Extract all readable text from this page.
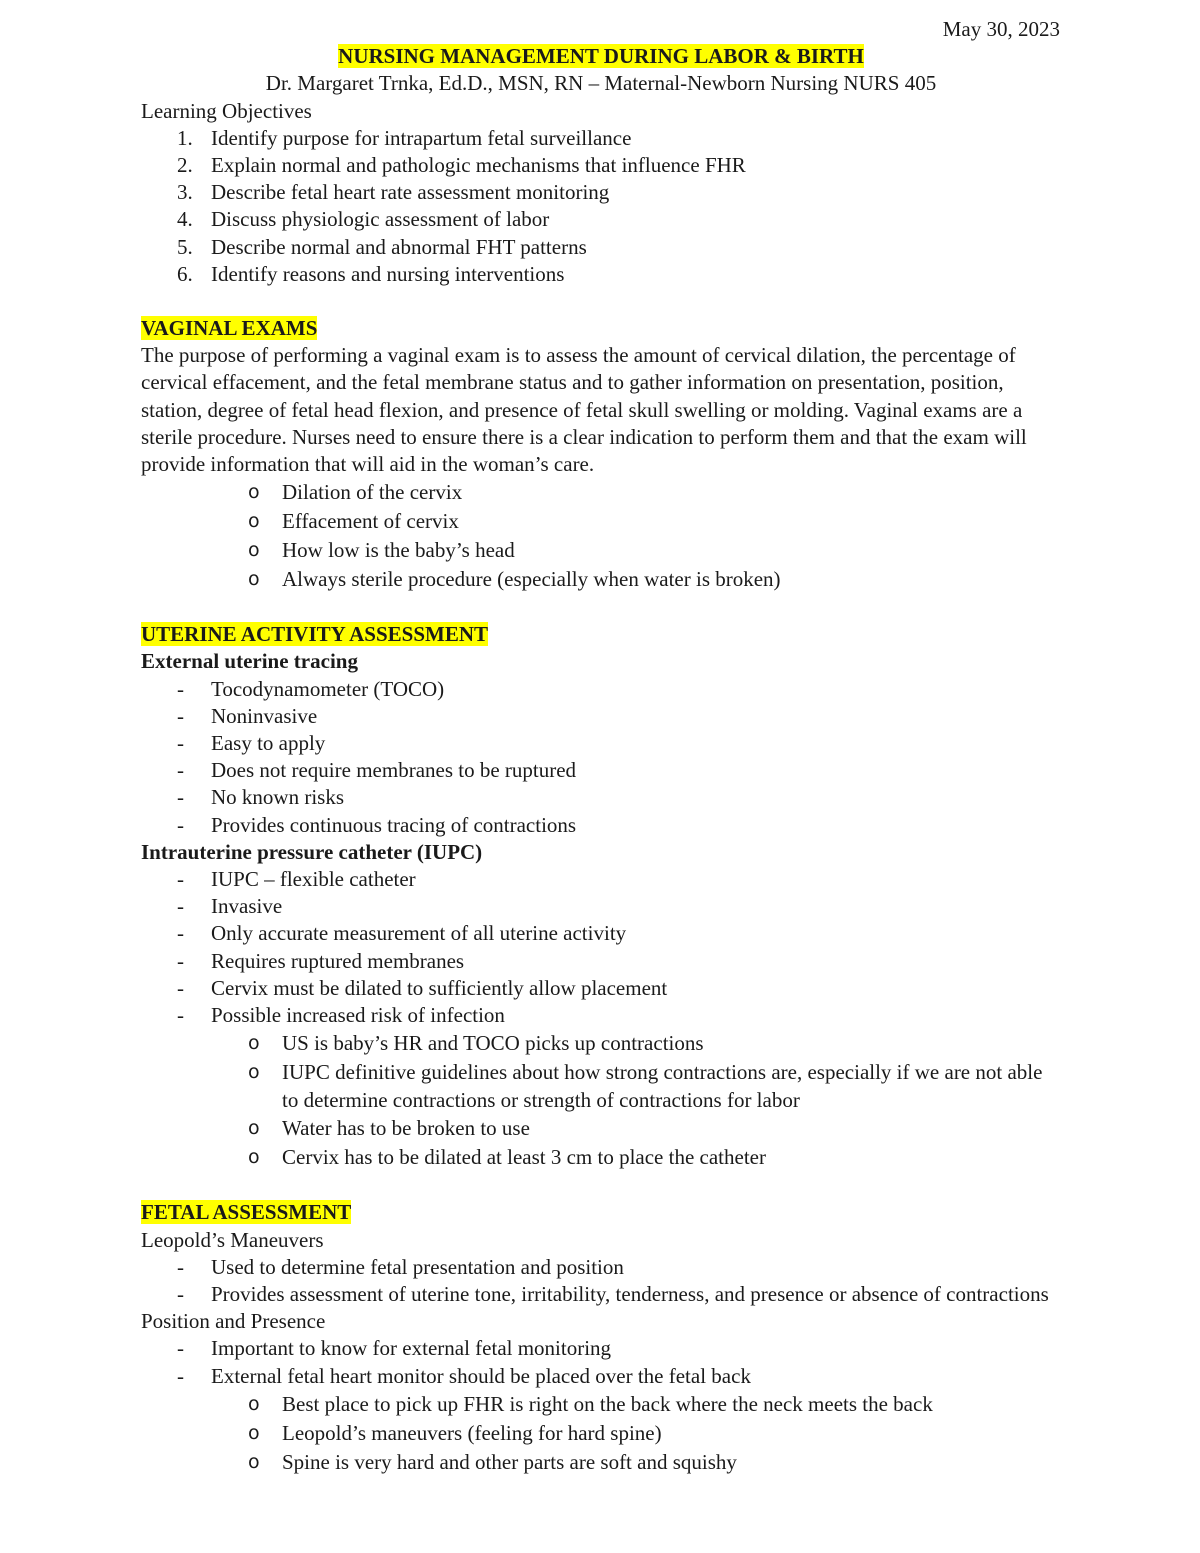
May 30, 2023
NURSING MANAGEMENT DURING LABOR & BIRTH
Dr. Margaret Trnka, Ed.D., MSN, RN – Maternal-Newborn Nursing NURS 405
Learning Objectives
1. Identify purpose for intrapartum fetal surveillance
2. Explain normal and pathologic mechanisms that influence FHR
3. Describe fetal heart rate assessment monitoring
4. Discuss physiologic assessment of labor
5. Describe normal and abnormal FHT patterns
6. Identify reasons and nursing interventions
VAGINAL EXAMS

The purpose of performing a vaginal exam is to assess the amount of cervical dilation, the percentage of cervical effacement, and the fetal membrane status and to gather information on presentation, position, station, degree of fetal head flexion, and presence of fetal skull swelling or molding. Vaginal exams are a sterile procedure. Nurses need to ensure there is a clear indication to perform them and that the exam will provide information that will aid in the woman’s care.

o Dilation of the cervix
o Effacement of cervix
o How low is the baby’s head
o Always sterile procedure (especially when water is broken)
UTERINE ACTIVITY ASSESSMENT
External uterine tracing
- Tocodynamometer (TOCO)
- Noninvasive
- Easy to apply
- Does not require membranes to be ruptured
- No known risks
- Provides continuous tracing of contractions
Intrauterine pressure catheter (IUPC)
- IUPC – flexible catheter
- Invasive
- Only accurate measurement of all uterine activity
- Requires ruptured membranes
- Cervix must be dilated to sufficiently allow placement
- Possible increased risk of infection
o US is baby’s HR and TOCO picks up contractions
o IUPC definitive guidelines about how strong contractions are, especially if we are not able to determine contractions or strength of contractions for labor
o Water has to be broken to use
o Cervix has to be dilated at least 3 cm to place the catheter
FETAL ASSESSMENT
Leopold’s Maneuvers
- Used to determine fetal presentation and position
- Provides assessment of uterine tone, irritability, tenderness, and presence or absence of contractions
Position and Presence
- Important to know for external fetal monitoring
- External fetal heart monitor should be placed over the fetal back
o Best place to pick up FHR is right on the back where the neck meets the back
o Leopold’s maneuvers (feeling for hard spine)
o Spine is very hard and other parts are soft and squishy
